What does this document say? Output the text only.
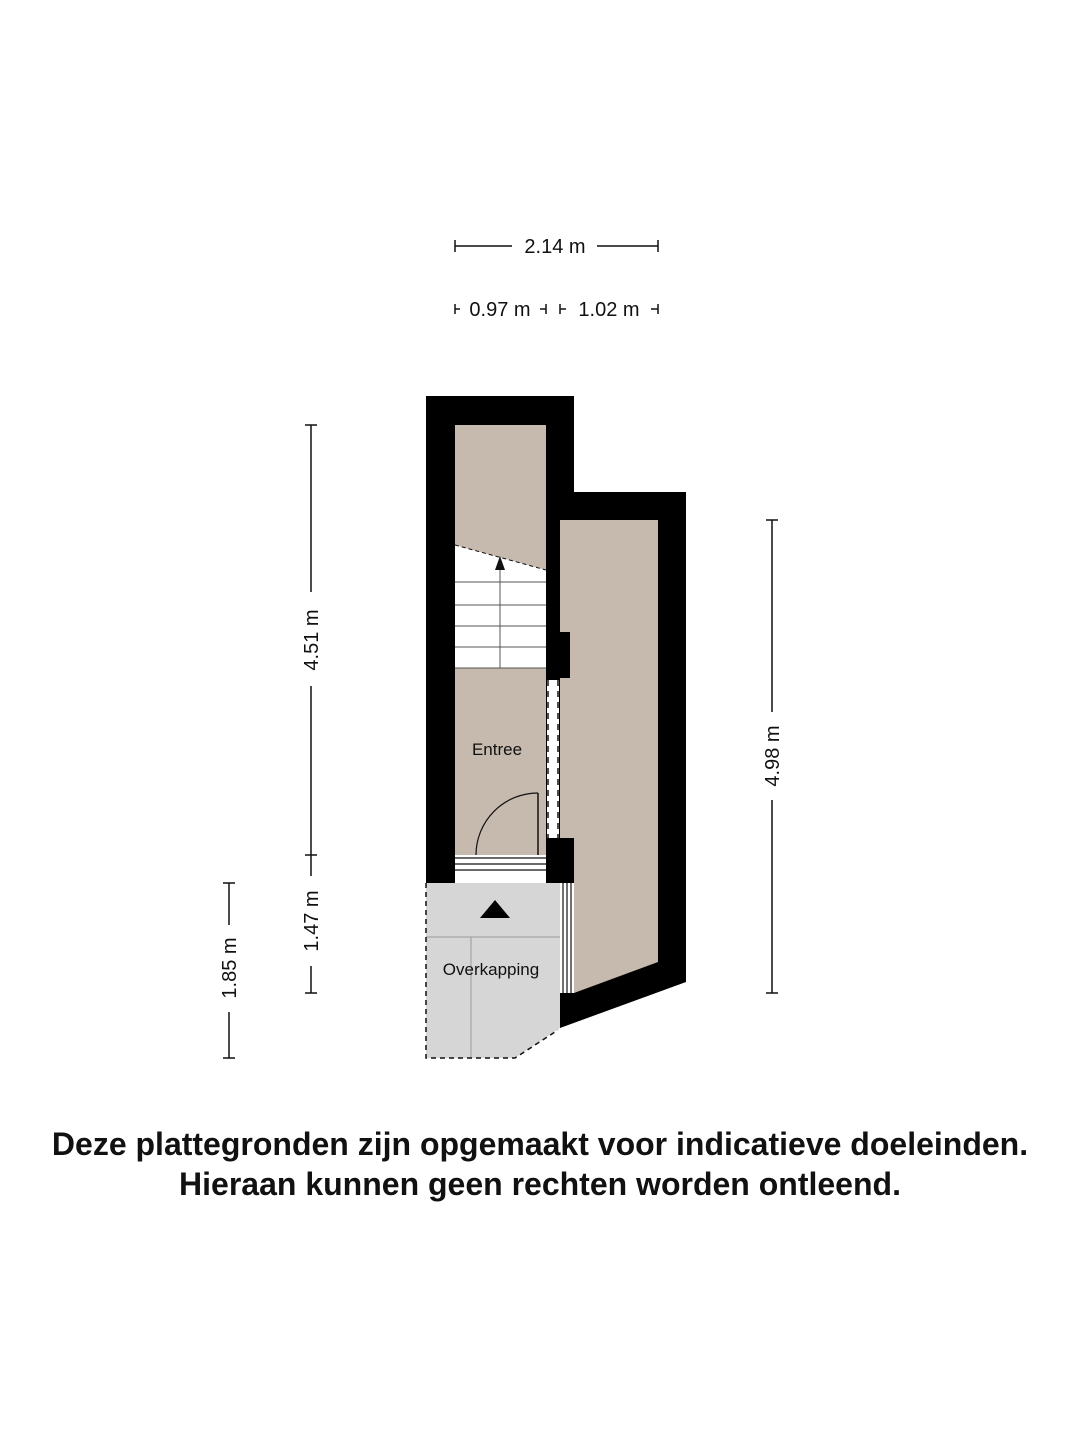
2.14 m
0.97 m 1.02 m
4.51 m
1.47 m
1.85 m
4.98 m
Entree
Overkapping
Deze plattegronden zijn opgemaakt voor indicatieve doeleinden.
Hieraan kunnen geen rechten worden ontleend.
